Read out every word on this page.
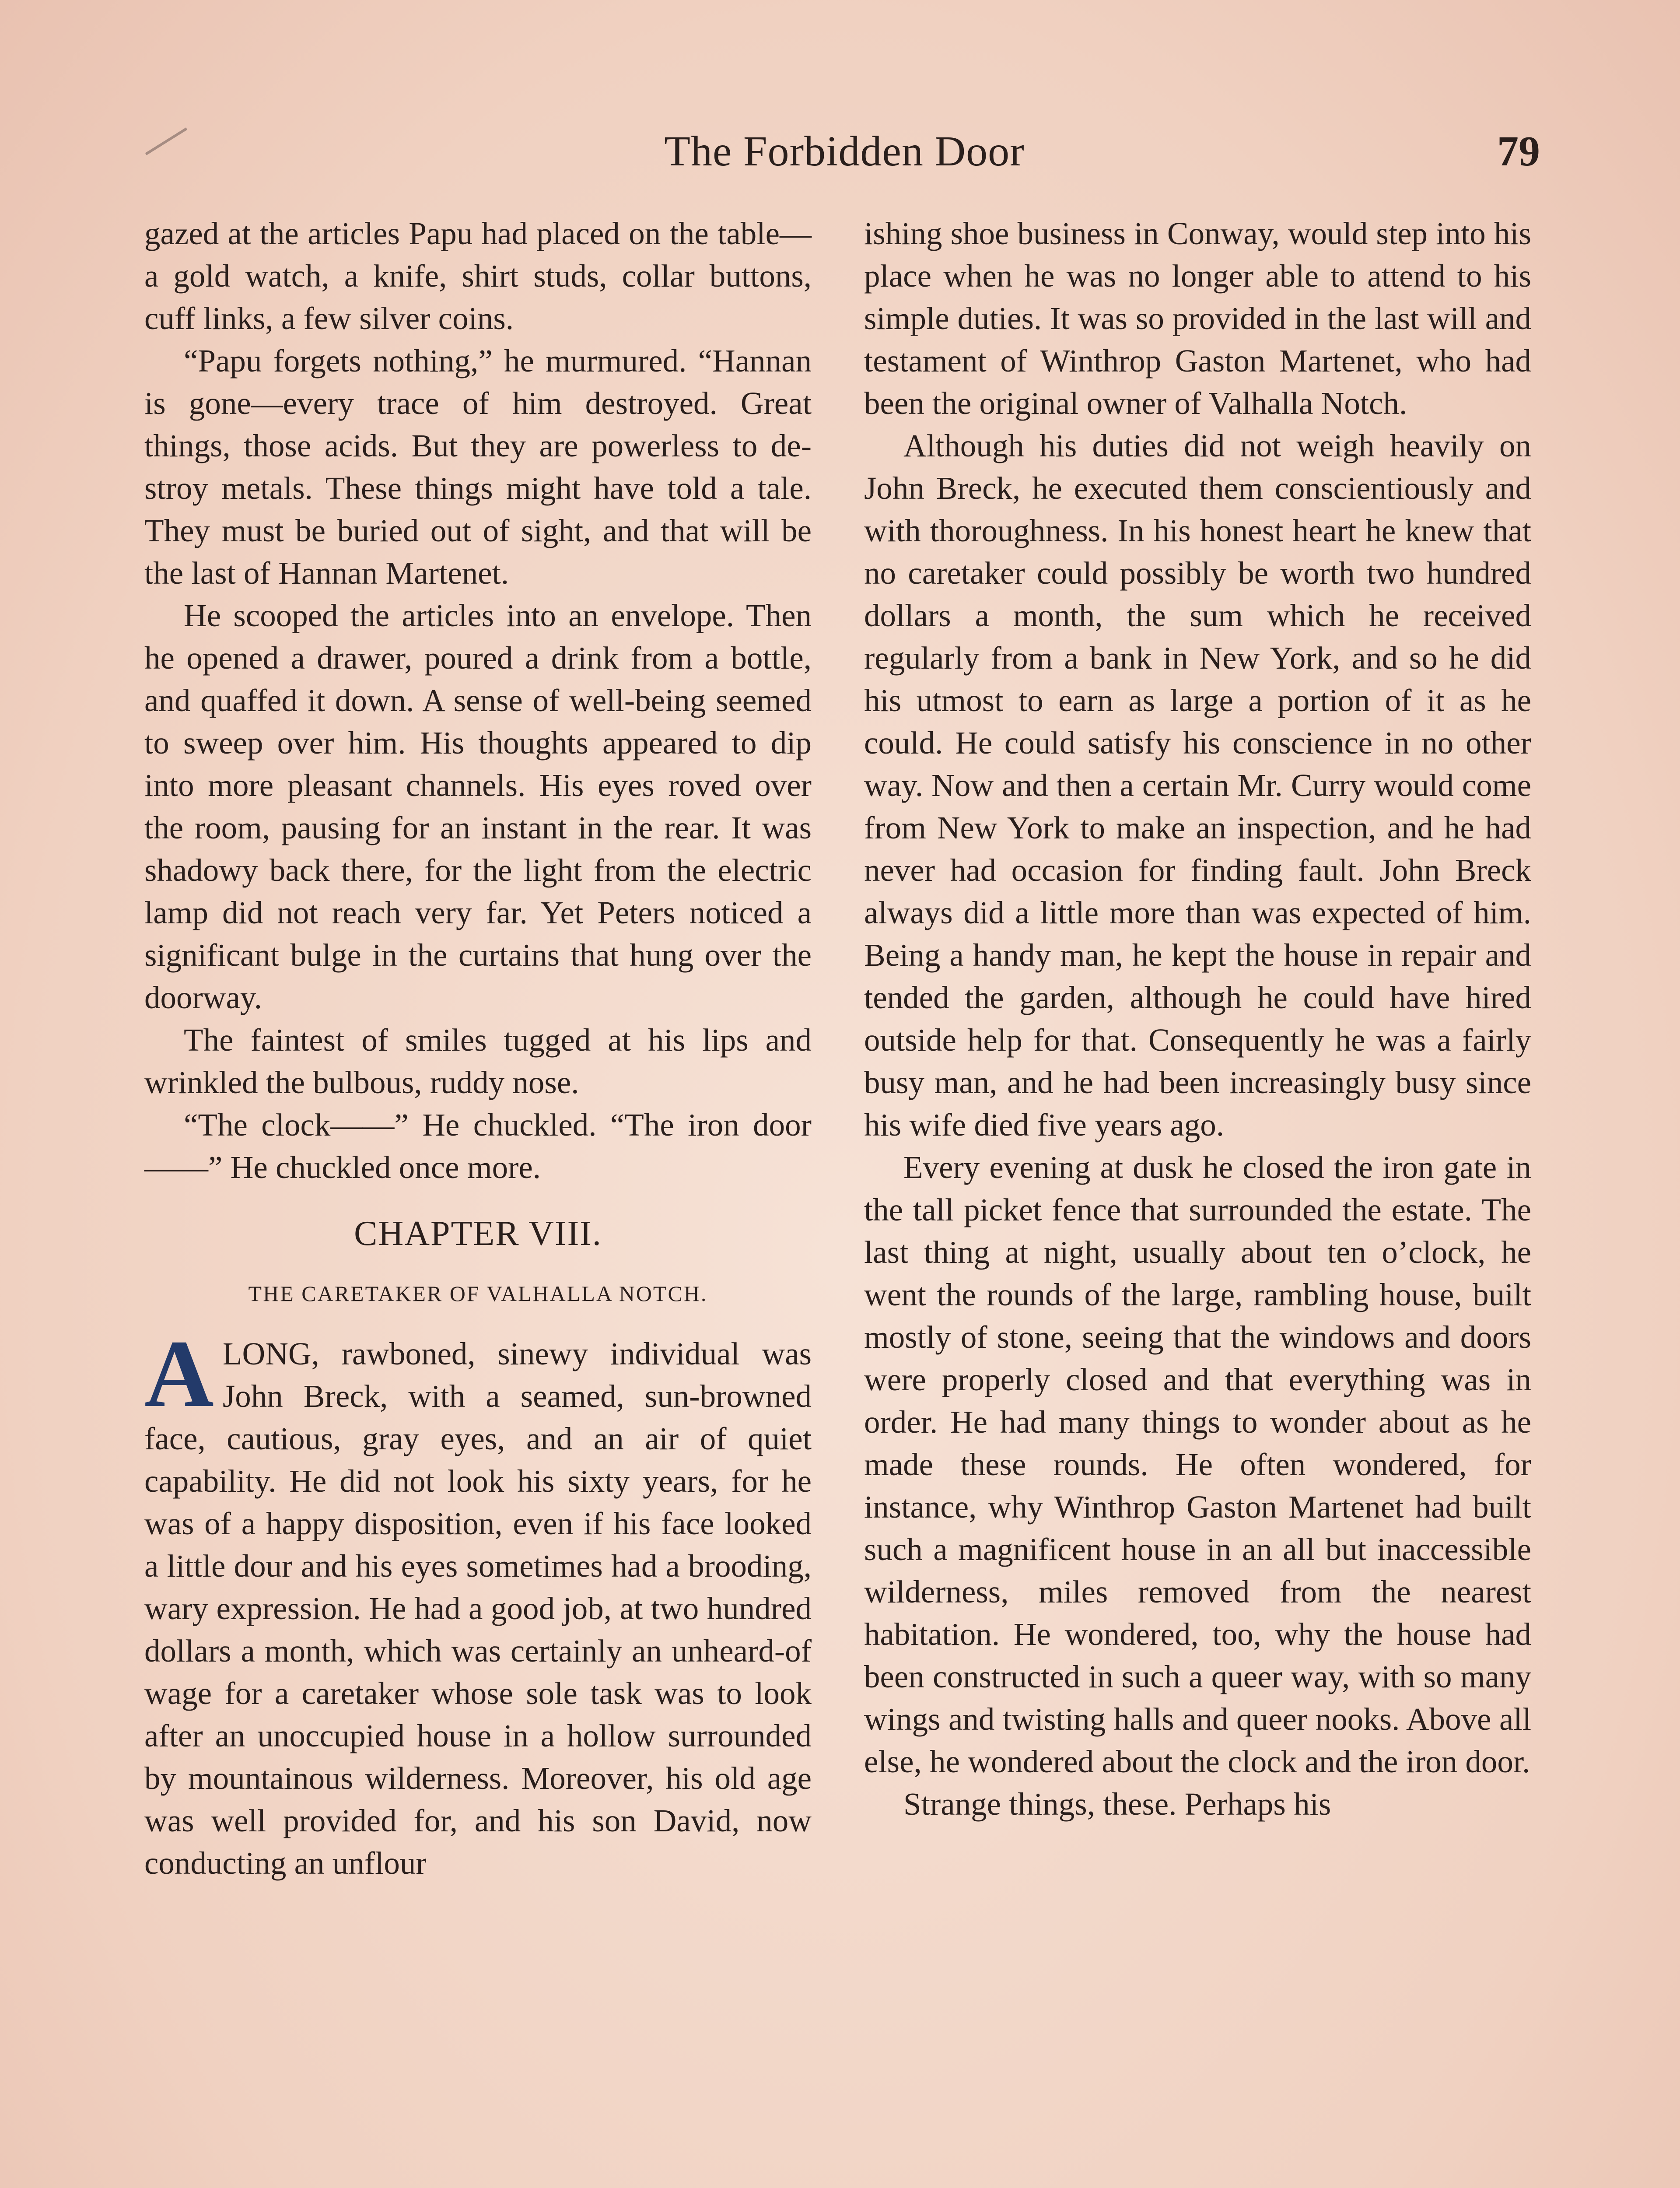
The Forbidden Door	79

gazed at the articles Papu had placed on the table—a gold watch, a knife, shirt studs, collar buttons, cuff links, a few silver coins.

“Papu forgets nothing,” he murmured. “Hannan is gone—every trace of him destroyed. Great things, those acids. But they are powerless to destroy metals. These things might have told a tale. They must be buried out of sight, and that will be the last of Hannan Martenet.

He scooped the articles into an envelope. Then he opened a drawer, poured a drink from a bottle, and quaffed it down. A sense of well-being seemed to sweep over him. His thoughts appeared to dip into more pleasant channels. His eyes roved over the room, pausing for an instant in the rear. It was shadowy back there, for the light from the electric lamp did not reach very far. Yet Peters noticed a significant bulge in the curtains that hung over the doorway.

The faintest of smiles tugged at his lips and wrinkled the bulbous, ruddy nose.

“The clock——” He chuckled. “The iron door——” He chuckled once more.

CHAPTER VIII.
THE CARETAKER OF VALHALLA NOTCH.

ALONG, rawboned, sinewy individual was John Breck, with a seamed, sun-browned face, cautious, gray eyes, and an air of quiet capability. He did not look his sixty years, for he was of a happy disposition, even if his face looked a little dour and his eyes sometimes had a brooding, wary expression. He had a good job, at two hundred dollars a month, which was certainly an unheard-of wage for a caretaker whose sole task was to look after an unoccupied house in a hollow surrounded by mountainous wilderness. Moreover, his old age was well provided for, and his son David, now conducting an unflour

ishing shoe business in Conway, would step into his place when he was no longer able to attend to his simple duties. It was so provided in the last will and testament of Winthrop Gaston Martenet, who had been the original owner of Valhalla Notch.

Although his duties did not weigh heavily on John Breck, he executed them conscientiously and with thoroughness. In his honest heart he knew that no caretaker could possibly be worth two hundred dollars a month, the sum which he received regularly from a bank in New York, and so he did his utmost to earn as large a portion of it as he could. He could satisfy his conscience in no other way. Now and then a certain Mr. Curry would come from New York to make an inspection, and he had never had occasion for finding fault. John Breck always did a little more than was expected of him. Being a handy man, he kept the house in repair and tended the garden, although he could have hired outside help for that. Consequently he was a fairly busy man, and he had been increasingly busy since his wife died five years ago.

Every evening at dusk he closed the iron gate in the tall picket fence that surrounded the estate. The last thing at night, usually about ten o’clock, he went the rounds of the large, rambling house, built mostly of stone, seeing that the windows and doors were properly closed and that everything was in order. He had many things to wonder about as he made these rounds. He often wondered, for instance, why Winthrop Gaston Martenet had built such a magnificent house in an all but inaccessible wilderness, miles removed from the nearest habitation. He wondered, too, why the house had been constructed in such a queer way, with so many wings and twisting halls and queer nooks. Above all else, he wondered about the clock and the iron door.

Strange things, these. Perhaps his
